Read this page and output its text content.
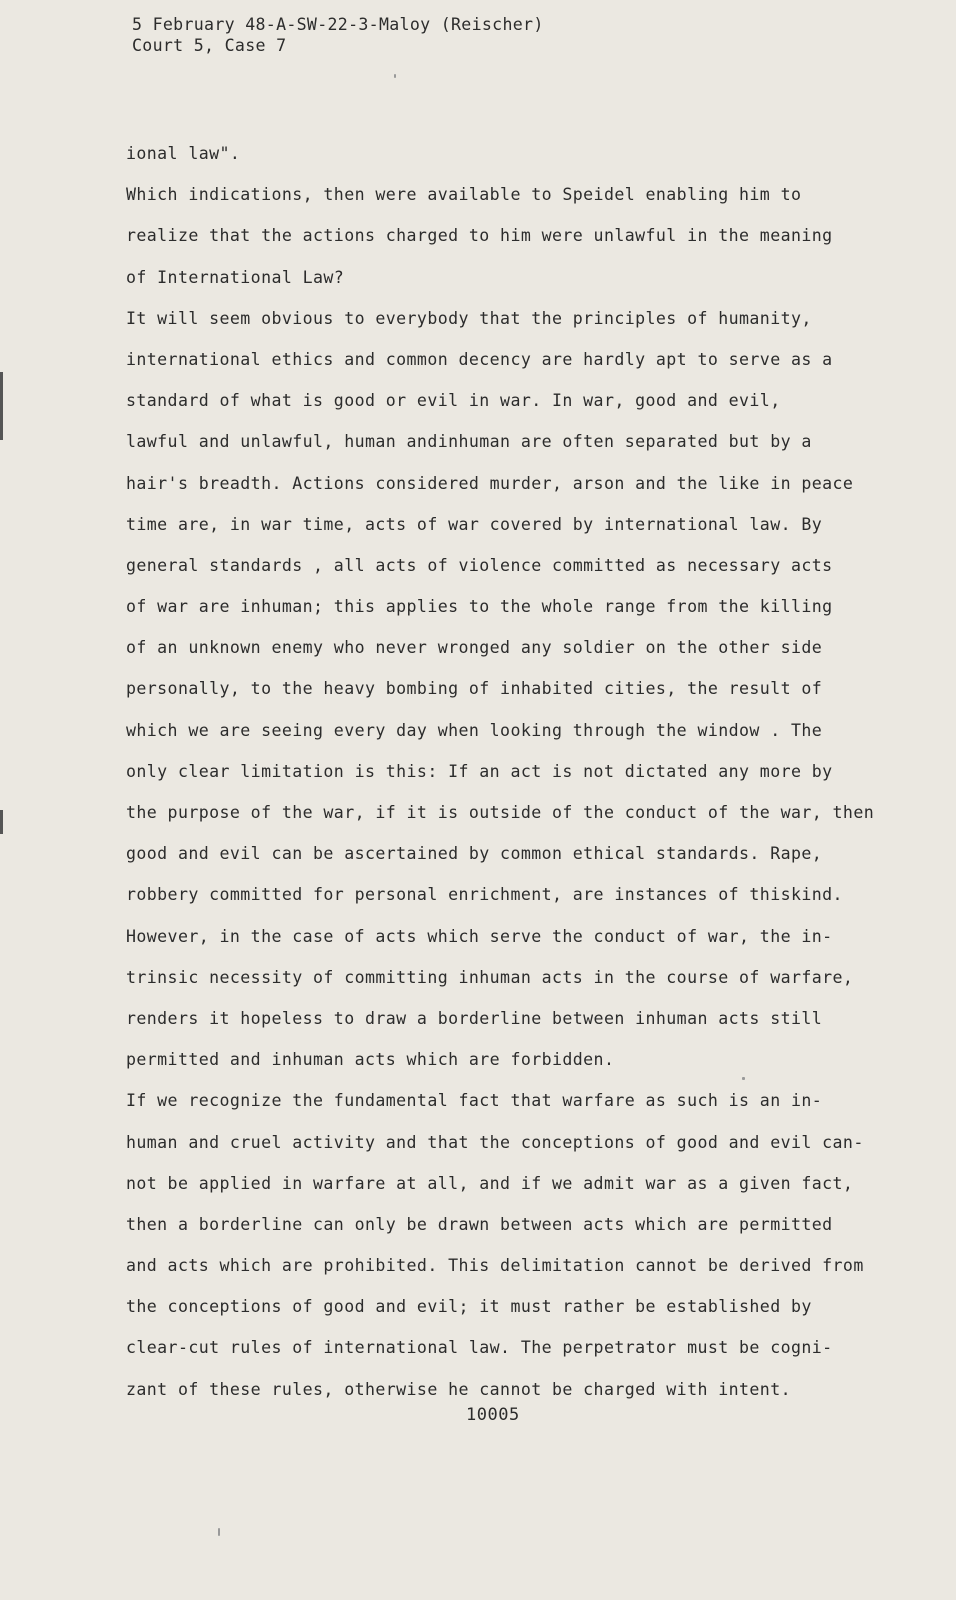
5 February 48-A-SW-22-3-Maloy (Reischer)
Court 5, Case 7
ional law".
Which indications, then were available to Speidel enabling him to
realize that the actions charged to him were unlawful in the meaning
of International Law?
It will seem obvious to everybody that the principles of humanity,
international ethics and common decency are hardly apt to serve as a
standard of what is good or evil in war. In war, good and evil,
lawful and unlawful, human andinhuman are often separated but by a
hair's breadth. Actions considered murder, arson and the like in peace
time are, in war time, acts of war covered by international law. By
general standards , all acts of violence committed as necessary acts
of war are inhuman; this applies to the whole range from the killing
of an unknown enemy who never wronged any soldier on the other side
personally, to the heavy bombing of inhabited cities, the result of
which we are seeing every day when looking through the window . The
only clear limitation is this: If an act is not dictated any more by
the purpose of the war, if it is outside of the conduct of the war, then
good and evil can be ascertained by common ethical standards. Rape,
robbery committed for personal enrichment, are instances of thiskind.
However, in the case of acts which serve the conduct of war, the in-
trinsic necessity of committing inhuman acts in the course of warfare,
renders it hopeless to draw a borderline between inhuman acts still
permitted and inhuman acts which are forbidden.
If we recognize the fundamental fact that warfare as such is an in-
human and cruel activity and that the conceptions of good and evil can-
not be applied in warfare at all, and if we admit war as a given fact,
then a borderline can only be drawn between acts which are permitted
and acts which are prohibited. This delimitation cannot be derived from
the conceptions of good and evil; it must rather be established by
clear-cut rules of international law. The perpetrator must be cogni-
zant of these rules, otherwise he cannot be charged with intent.
10005
